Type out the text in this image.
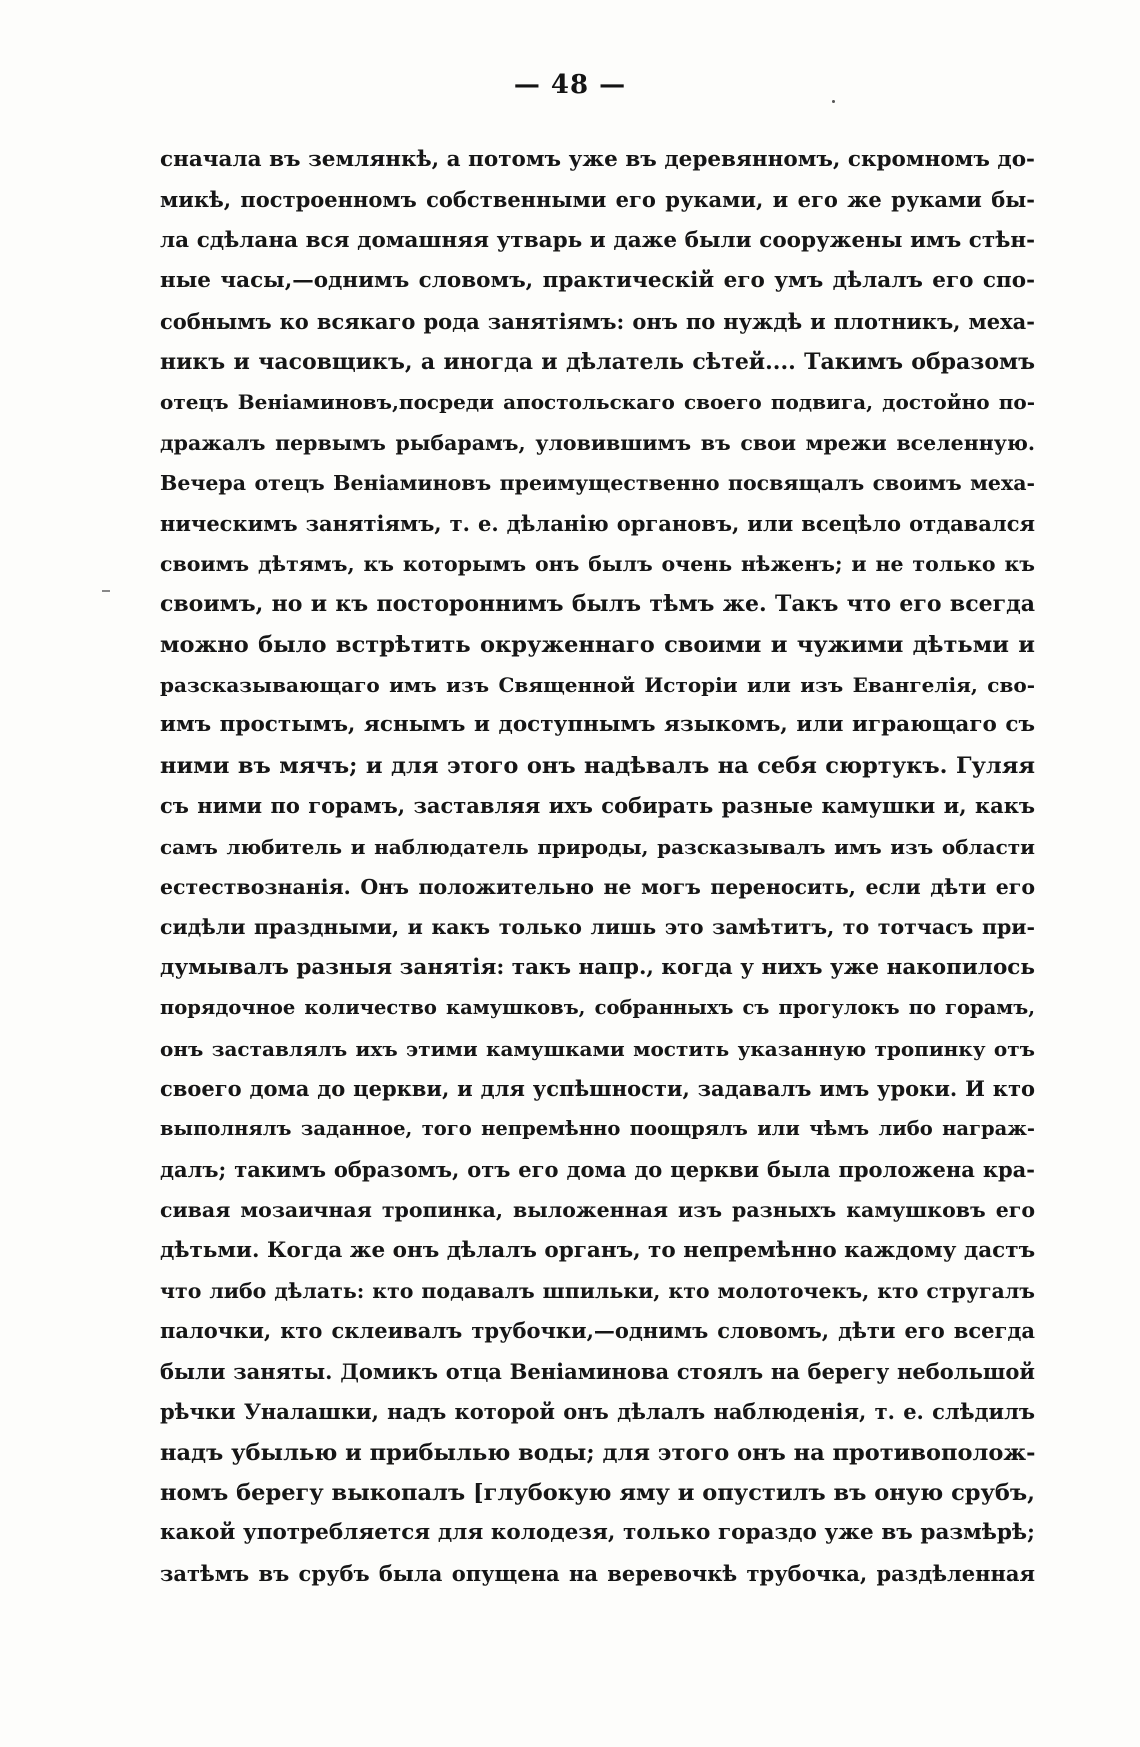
— 48 —
сначала въ землянкѣ, а потомъ уже въ деревянномъ, скромномъ до-
микѣ, построенномъ собственными его руками, и его же руками бы-
ла сдѣлана вся домашняя утварь и даже были сооружены имъ стѣн-
ные часы,—однимъ словомъ, практическій его умъ дѣлалъ его спо-
собнымъ ко всякаго рода занятіямъ: онъ по нуждѣ и плотникъ, меха-
никъ и часовщикъ, а иногда и дѣлатель сѣтей.... Такимъ образомъ
отецъ Веніаминовъ,посреди апостольскаго своего подвига, достойно по-
дражалъ первымъ рыбарамъ, уловившимъ въ свои мрежи вселенную.
Вечера отецъ Веніаминовъ преимущественно посвящалъ своимъ меха-
ническимъ занятіямъ, т. е. дѣланію органовъ, или всецѣло отдавался
своимъ дѣтямъ, къ которымъ онъ былъ очень нѣженъ; и не только къ
своимъ, но и къ постороннимъ былъ тѣмъ же. Такъ что его всегда
можно было встрѣтить окруженнаго своими и чужими дѣтьми и
разсказывающаго имъ изъ Священной Исторіи или изъ Евангелія, сво-
имъ простымъ, яснымъ и доступнымъ языкомъ, или играющаго съ
ними въ мячъ; и для этого онъ надѣвалъ на себя сюртукъ. Гуляя
съ ними по горамъ, заставляя ихъ собирать разные камушки и, какъ
самъ любитель и наблюдатель природы, разсказывалъ имъ изъ области
естествознанія. Онъ положительно не могъ переносить, если дѣти его
сидѣли праздными, и какъ только лишь это замѣтитъ, то тотчасъ при-
думывалъ разныя занятія: такъ напр., когда у нихъ уже накопилось
порядочное количество камушковъ, собранныхъ съ прогулокъ по горамъ,
онъ заставлялъ ихъ этими камушками мостить указанную тропинку отъ
своего дома до церкви, и для успѣшности, задавалъ имъ уроки. И кто
выполнялъ заданное, того непремѣнно поощрялъ или чѣмъ либо награж-
далъ; такимъ образомъ, отъ его дома до церкви была проложена кра-
сивая мозаичная тропинка, выложенная изъ разныхъ камушковъ его
дѣтьми. Когда же онъ дѣлалъ органъ, то непремѣнно каждому дастъ
что либо дѣлать: кто подавалъ шпильки, кто молоточекъ, кто стругалъ
палочки, кто склеивалъ трубочки,—однимъ словомъ, дѣти его всегда
были заняты. Домикъ отца Веніаминова стоялъ на берегу небольшой
рѣчки Уналашки, надъ которой онъ дѣлалъ наблюденія, т. е. слѣдилъ
надъ убылью и прибылью воды; для этого онъ на противополож-
номъ берегу выкопалъ [глубокую яму и опустилъ въ оную срубъ,
какой употребляется для колодезя, только гораздо уже въ размѣрѣ;
затѣмъ въ срубъ была опущена на веревочкѣ трубочка, раздѣленная
